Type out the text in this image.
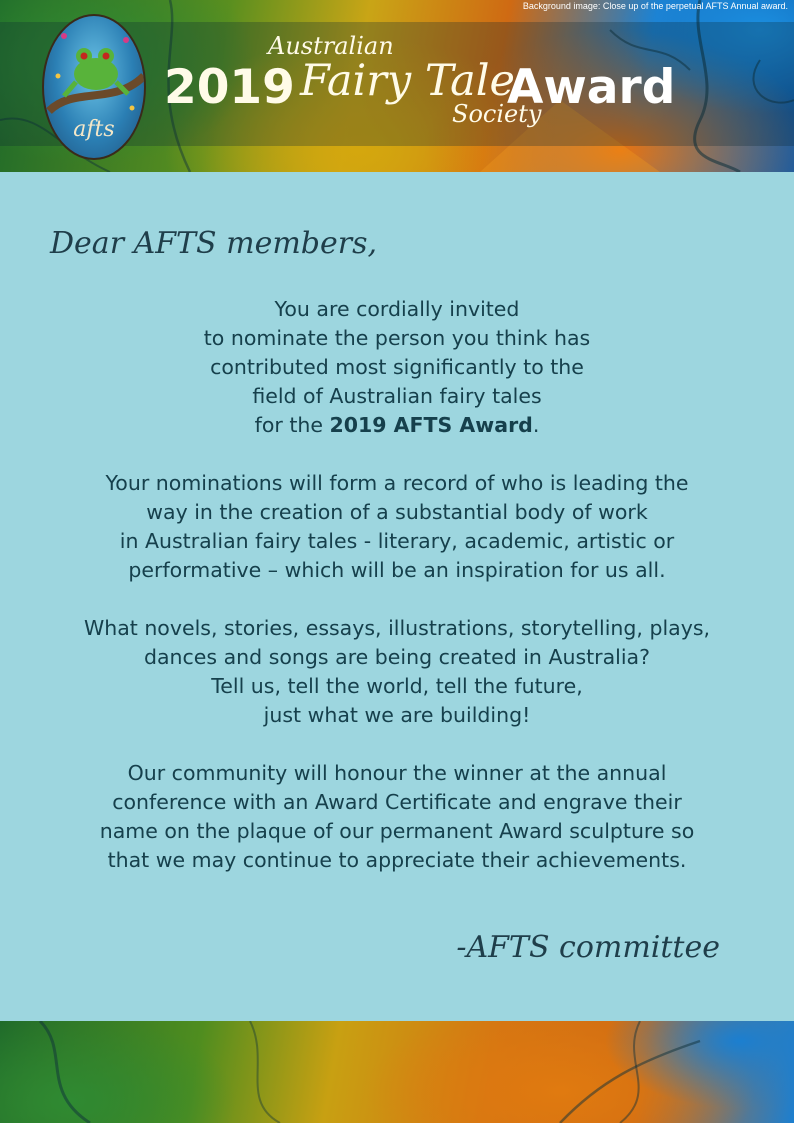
Background image: Close up of the perpetual AFTS Annual award.
afts
Australian
2019 Fairy Tale
Award
Society
Dear AFTS members,
You are cordially invited
to nominate the person you think has
contributed most significantly to the
field of Australian fairy tales
for the 2019 AFTS Award.
Your nominations will form a record of who is leading the
way in the creation of a substantial body of work
in Australian fairy tales - literary, academic, artistic or
performative – which will be an inspiration for us all.
What novels, stories, essays, illustrations, storytelling, plays,
dances and songs are being created in Australia?
Tell us, tell the world, tell the future,
just what we are building!
Our community will honour the winner at the annual
conference with an Award Certificate and engrave their
name on the plaque of our permanent Award sculpture so
that we may continue to appreciate their achievements.
-AFTS committee
